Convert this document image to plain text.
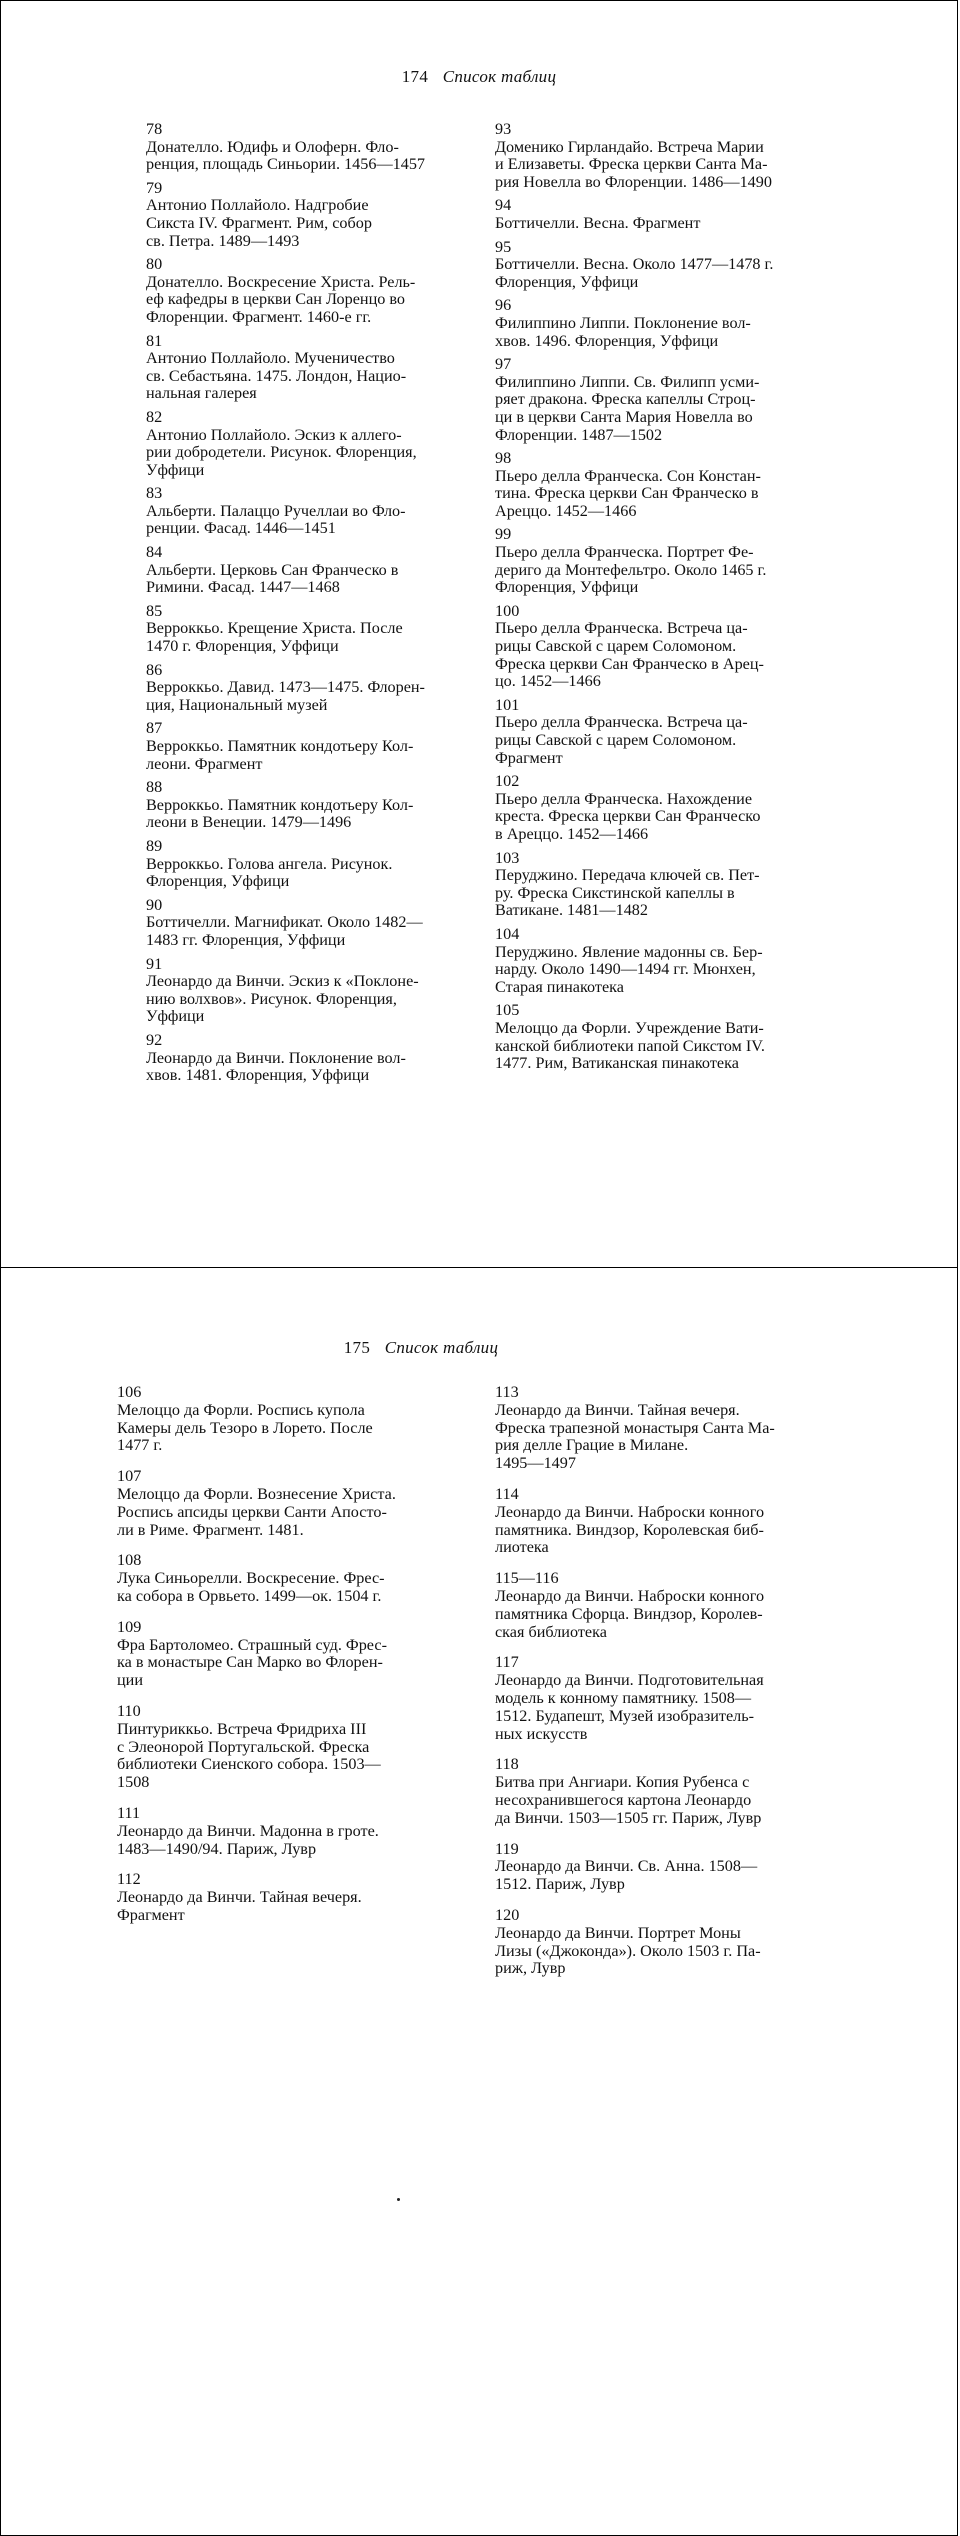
174 Список таблиц
78
Донателло. Юдифь и Олоферн. Фло-
ренция, площадь Синьории. 1456—1457
79
Антонио Поллайоло. Надгробие
Сикста IV. Фрагмент. Рим, собор
св. Петра. 1489—1493
80
Донателло. Воскресение Христа. Рель-
еф кафедры в церкви Сан Лоренцо во
Флоренции. Фрагмент. 1460-е гг.
81
Антонио Поллайоло. Мученичество
св. Себастьяна. 1475. Лондон, Нацио-
нальная галерея
82
Антонио Поллайоло. Эскиз к аллего-
рии добродетели. Рисунок. Флоренция,
Уффици
83
Альберти. Палаццо Ручеллаи во Фло-
ренции. Фасад. 1446—1451
84
Альберти. Церковь Сан Франческо в
Римини. Фасад. 1447—1468
85
Верроккьо. Крещение Христа. После
1470 г. Флоренция, Уффици
86
Верроккьо. Давид. 1473—1475. Флорен-
ция, Национальный музей
87
Верроккьо. Памятник кондотьеру Кол-
леони. Фрагмент
88
Верроккьо. Памятник кондотьеру Кол-
леони в Венеции. 1479—1496
89
Верроккьо. Голова ангела. Рисунок.
Флоренция, Уффици
90
Боттичелли. Магнификат. Около 1482—
1483 гг. Флоренция, Уффици
91
Леонардо да Винчи. Эскиз к «Поклоне-
нию волхвов». Рисунок. Флоренция,
Уффици
92
Леонардо да Винчи. Поклонение вол-
хвов. 1481. Флоренция, Уффици
93
Доменико Гирландайо. Встреча Марии
и Елизаветы. Фреска церкви Санта Ма-
рия Новелла во Флоренции. 1486—1490
94
Боттичелли. Весна. Фрагмент
95
Боттичелли. Весна. Около 1477—1478 г.
Флоренция, Уффици
96
Филиппино Липпи. Поклонение вол-
хвов. 1496. Флоренция, Уффици
97
Филиппино Липпи. Св. Филипп усми-
ряет дракона. Фреска капеллы Строц-
ци в церкви Санта Мария Новелла во
Флоренции. 1487—1502
98
Пьеро делла Франческа. Сон Констан-
тина. Фреска церкви Сан Франческо в
Ареццо. 1452—1466
99
Пьеро делла Франческа. Портрет Фе-
дериго да Монтефельтро. Около 1465 г.
Флоренция, Уффици
100
Пьеро делла Франческа. Встреча ца-
рицы Савской с царем Соломоном.
Фреска церкви Сан Франческо в Арец-
цо. 1452—1466
101
Пьеро делла Франческа. Встреча ца-
рицы Савской с царем Соломоном.
Фрагмент
102
Пьеро делла Франческа. Нахождение
креста. Фреска церкви Сан Франческо
в Ареццо. 1452—1466
103
Перуджино. Передача ключей св. Пет-
ру. Фреска Сикстинской капеллы в
Ватикане. 1481—1482
104
Перуджино. Явление мадонны св. Бер-
нарду. Около 1490—1494 гг. Мюнхен,
Старая пинакотека
105
Мелоццо да Форли. Учреждение Вати-
канской библиотеки папой Сикстом IV.
1477. Рим, Ватиканская пинакотека
175 Список таблиц
106
Мелоццо да Форли. Роспись купола
Камеры дель Тезоро в Лорето. После
1477 г.
107
Мелоццо да Форли. Вознесение Христа.
Роспись апсиды церкви Санти Апосто-
ли в Риме. Фрагмент. 1481.
108
Лука Синьорелли. Воскресение. Фрес-
ка собора в Орвьето. 1499—ок. 1504 г.
109
Фра Бартоломео. Страшный суд. Фрес-
ка в монастыре Сан Марко во Флорен-
ции
110
Пинтуриккьо. Встреча Фридриха III
с Элеонорой Португальской. Фреска
библиотеки Сиенского собора. 1503—
1508
111
Леонардо да Винчи. Мадонна в гроте.
1483—1490/94. Париж, Лувр
112
Леонардо да Винчи. Тайная вечеря.
Фрагмент
113
Леонардо да Винчи. Тайная вечеря.
Фреска трапезной монастыря Санта Ма-
рия делле Грацие в Милане.
1495—1497
114
Леонардо да Винчи. Наброски конного
памятника. Виндзор, Королевская биб-
лиотека
115—116
Леонардо да Винчи. Наброски конного
памятника Сфорца. Виндзор, Королев-
ская библиотека
117
Леонардо да Винчи. Подготовительная
модель к конному памятнику. 1508—
1512. Будапешт, Музей изобразитель-
ных искусств
118
Битва при Ангиари. Копия Рубенса с
несохранившегося картона Леонардо
да Винчи. 1503—1505 гг. Париж, Лувр
119
Леонардо да Винчи. Св. Анна. 1508—
1512. Париж, Лувр
120
Леонардо да Винчи. Портрет Моны
Лизы («Джоконда»). Около 1503 г. Па-
риж, Лувр
